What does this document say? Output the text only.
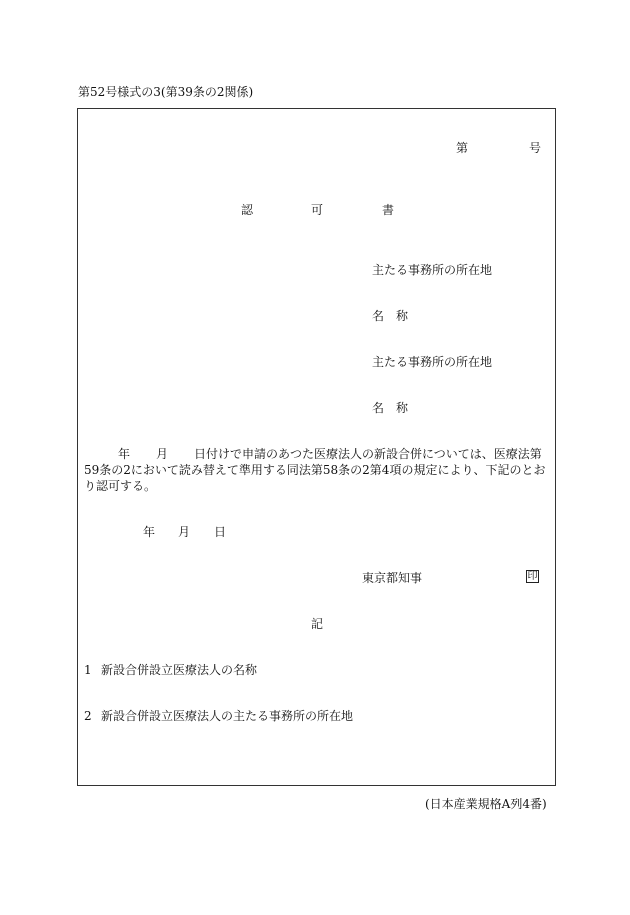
第52号様式の3(第39条の2関係)
第	号
認	可	書
主たる事務所の所在地
名　称
主たる事務所の所在地
名　称
年 月 日付けで申請のあつた医療法人の新設合併については、医療法第59条の2において読み替えて準用する同法第58条の2第4項の規定により、下記のとおり認可する。
年 月 日
東京都知事	印
記
1 新設合併設立医療法人の名称
2 新設合併設立医療法人の主たる事務所の所在地
(日本産業規格A列4番)
